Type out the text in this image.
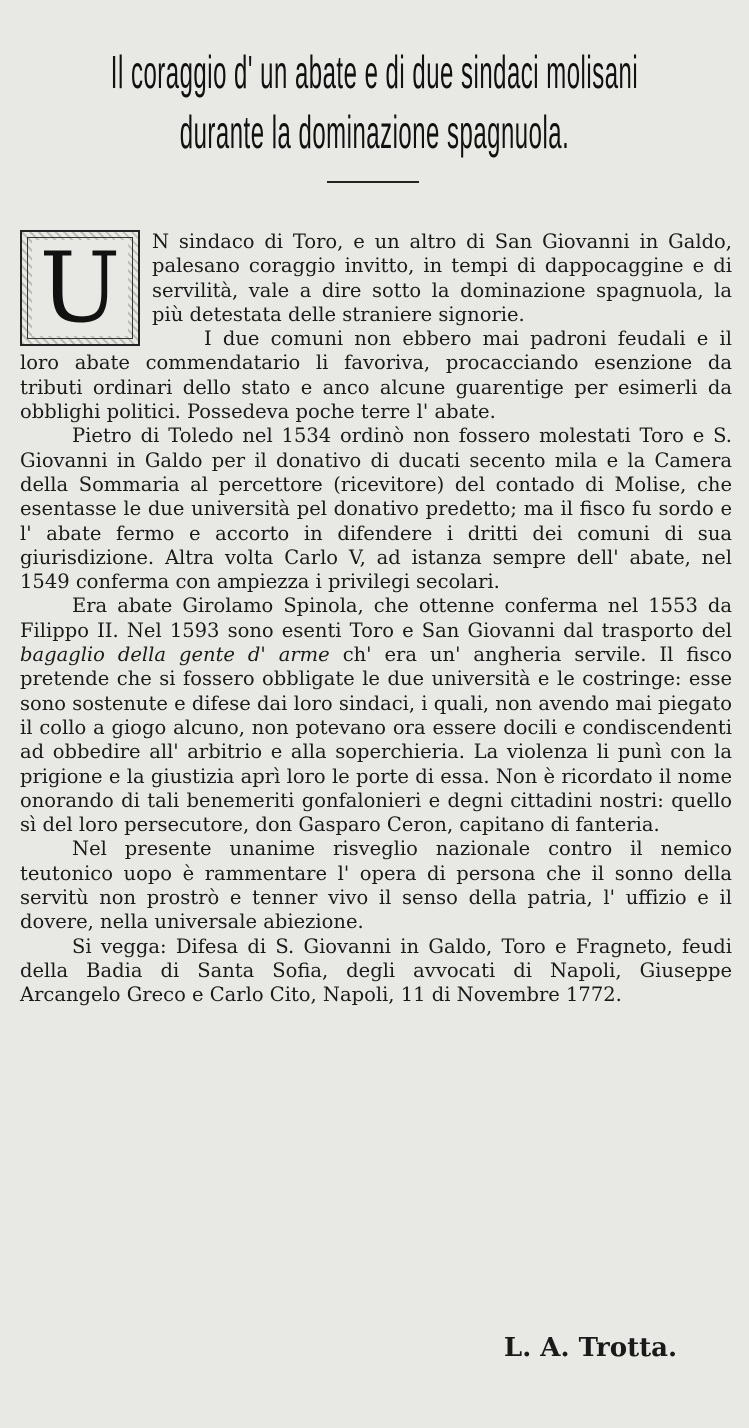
Il coraggio d' un abate e di due sindaci molisani
durante la dominazione spagnuola.

U	N sindaco di Toro, e un altro di San Giovanni in Galdo, palesano coraggio invitto, in tempi di dappocaggine e di servilità, vale a dire sotto la dominazione spagnuola, la più detestata delle straniere signorie.

I due comuni non ebbero mai padroni feudali e il loro abate commendatario li favoriva, procacciando esenzione da tributi ordinari dello stato e anco alcune guarentige per esimerli da obblighi politici. Possedeva poche terre l' abate.

Pietro di Toledo nel 1534 ordinò non fossero molestati Toro e S. Giovanni in Galdo per il donativo di ducati secento mila e la Camera della Sommaria al percettore (ricevitore) del contado di Molise, che esentasse le due università pel donativo predetto; ma il fisco fu sordo e l' abate fermo e accorto in difendere i dritti dei comuni di sua giurisdizione. Altra volta Carlo V, ad istanza sempre dell' abate, nel 1549 conferma con ampiezza i privilegi secolari.

Era abate Girolamo Spinola, che ottenne conferma nel 1553 da Filippo II. Nel 1593 sono esenti Toro e San Giovanni dal trasporto del bagaglio della gente d' arme ch' era un' angheria servile. Il fisco pretende che si fossero obbligate le due università e le costringe: esse sono sostenute e difese dai loro sindaci, i quali, non avendo mai piegato il collo a giogo alcuno, non potevano ora essere docili e condiscendenti ad obbedire all' arbitrio e alla soperchieria. La violenza li punì con la prigione e la giustizia aprì loro le porte di essa. Non è ricordato il nome onorando di tali benemeriti gonfalonieri e degni cittadini nostri: quello sì del loro persecutore, don Gasparo Ceron, capitano di fanteria.

Nel presente unanime risveglio nazionale contro il nemico teutonico uopo è rammentare l' opera di persona che il sonno della servitù non prostrò e tenner vivo il senso della patria, l' uffizio e il dovere, nella universale abiezione.

Si vegga: Difesa di S. Giovanni in Galdo, Toro e Fragneto, feudi della Badia di Santa Sofia, degli avvocati di Napoli, Giuseppe Arcangelo Greco e Carlo Cito, Napoli, 11 di Novembre 1772.

L. A. Trotta.
